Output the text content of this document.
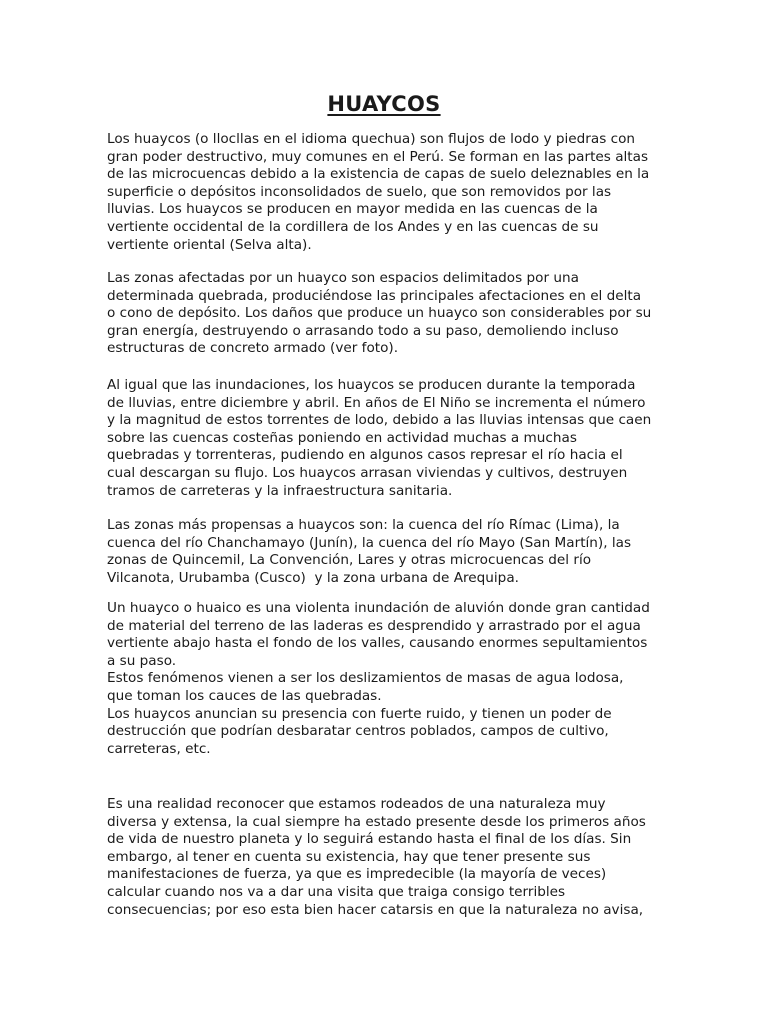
HUAYCOS

Los huaycos (o llocllas en el idioma quechua) son flujos de lodo y piedras con
gran poder destructivo, muy comunes en el Perú. Se forman en las partes altas
de las microcuencas debido a la existencia de capas de suelo deleznables en la
superficie o depósitos inconsolidados de suelo, que son removidos por las
lluvias. Los huaycos se producen en mayor medida en las cuencas de la
vertiente occidental de la cordillera de los Andes y en las cuencas de su
vertiente oriental (Selva alta).

Las zonas afectadas por un huayco son espacios delimitados por una
determinada quebrada, produciéndose las principales afectaciones en el delta
o cono de depósito. Los daños que produce un huayco son considerables por su
gran energía, destruyendo o arrasando todo a su paso, demoliendo incluso
estructuras de concreto armado (ver foto).

Al igual que las inundaciones, los huaycos se producen durante la temporada
de lluvias, entre diciembre y abril. En años de El Niño se incrementa el número
y la magnitud de estos torrentes de lodo, debido a las lluvias intensas que caen
sobre las cuencas costeñas poniendo en actividad muchas a muchas
quebradas y torrenteras, pudiendo en algunos casos represar el río hacia el
cual descargan su flujo. Los huaycos arrasan viviendas y cultivos, destruyen
tramos de carreteras y la infraestructura sanitaria.

Las zonas más propensas a huaycos son: la cuenca del río Rímac (Lima), la
cuenca del río Chanchamayo (Junín), la cuenca del río Mayo (San Martín), las
zonas de Quincemil, La Convención, Lares y otras microcuencas del río
Vilcanota, Urubamba (Cusco)  y la zona urbana de Arequipa.

Un huayco o huaico es una violenta inundación de aluvión donde gran cantidad
de material del terreno de las laderas es desprendido y arrastrado por el agua
vertiente abajo hasta el fondo de los valles, causando enormes sepultamientos
a su paso.
Estos fenómenos vienen a ser los deslizamientos de masas de agua lodosa,
que toman los cauces de las quebradas.
Los huaycos anuncian su presencia con fuerte ruido, y tienen un poder de
destrucción que podrían desbaratar centros poblados, campos de cultivo,
carreteras, etc.

Es una realidad reconocer que estamos rodeados de una naturaleza muy
diversa y extensa, la cual siempre ha estado presente desde los primeros años
de vida de nuestro planeta y lo seguirá estando hasta el final de los días. Sin
embargo, al tener en cuenta su existencia, hay que tener presente sus
manifestaciones de fuerza, ya que es impredecible (la mayoría de veces)
calcular cuando nos va a dar una visita que traiga consigo terribles
consecuencias; por eso esta bien hacer catarsis en que la naturaleza no avisa,
